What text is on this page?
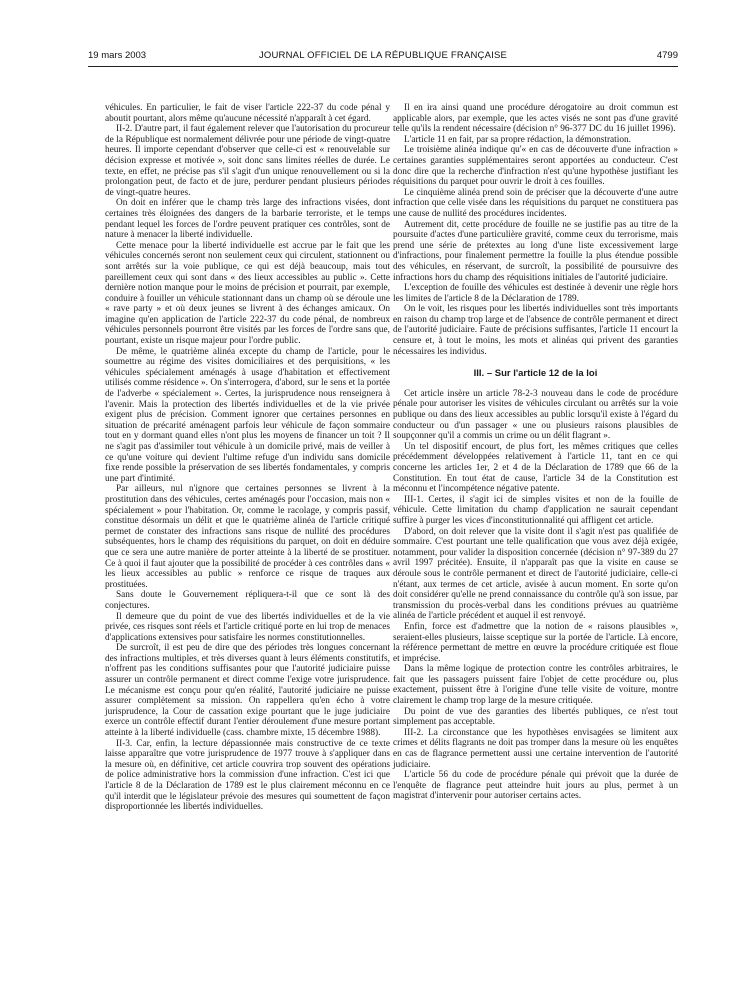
19 mars 2003	JOURNAL OFFICIEL DE LA RÉPUBLIQUE FRANÇAISE	4799

véhicules. En particulier, le fait de viser l'article 222-37 du code pénal y aboutit pourtant, alors même qu'aucune nécessité n'apparaît à cet égard.

II-2. D'autre part, il faut également relever que l'autorisation du procureur de la République est normalement délivrée pour une période de vingt-quatre heures. Il importe cependant d'observer que celle-ci est « renouvelable sur décision expresse et motivée », soit donc sans limites réelles de durée. Le texte, en effet, ne précise pas s'il s'agit d'un unique renouvellement ou si la prolongation peut, de facto et de jure, perdurer pendant plusieurs périodes de vingt-quatre heures.

On doit en inférer que le champ très large des infractions visées, dont certaines très éloignées des dangers de la barbarie terroriste, et le temps pendant lequel les forces de l'ordre peuvent pratiquer ces contrôles, sont de nature à menacer la liberté individuelle.

Cette menace pour la liberté individuelle est accrue par le fait que les véhicules concernés seront non seulement ceux qui circulent, stationnent ou sont arrêtés sur la voie publique, ce qui est déjà beaucoup, mais tout pareillement ceux qui sont dans « des lieux accessibles au public ». Cette dernière notion manque pour le moins de précision et pourrait, par exemple, conduire à fouiller un véhicule stationnant dans un champ où se déroule une « rave party » et où deux jeunes se livrent à des échanges amicaux. On imagine qu'en application de l'article 222-37 du code pénal, de nombreux véhicules personnels pourront être visités par les forces de l'ordre sans que, pourtant, existe un risque majeur pour l'ordre public.

De même, le quatrième alinéa excepte du champ de l'article, pour le soumettre au régime des visites domiciliaires et des perquisitions, « les véhicules spécialement aménagés à usage d'habitation et effectivement utilisés comme résidence ». On s'interrogera, d'abord, sur le sens et la portée de l'adverbe « spécialement ». Certes, la jurisprudence nous renseignera à l'avenir. Mais la protection des libertés individuelles et de la vie privée exigent plus de précision. Comment ignorer que certaines personnes en situation de précarité aménagent parfois leur véhicule de façon sommaire tout en y dormant quand elles n'ont plus les moyens de financer un toit ? Il ne s'agit pas d'assimiler tout véhicule à un domicile privé, mais de veiller à ce qu'une voiture qui devient l'ultime refuge d'un individu sans domicile fixe rende possible la préservation de ses libertés fondamentales, y compris une part d'intimité.

Par ailleurs, nul n'ignore que certaines personnes se livrent à la prostitution dans des véhicules, certes aménagés pour l'occasion, mais non « spécialement » pour l'habitation. Or, comme le racolage, y compris passif, constitue désormais un délit et que le quatrième alinéa de l'article critiqué permet de constater des infractions sans risque de nullité des procédures subséquentes, hors le champ des réquisitions du parquet, on doit en déduire que ce sera une autre manière de porter atteinte à la liberté de se prostituer. Ce à quoi il faut ajouter que la possibilité de procéder à ces contrôles dans « les lieux accessibles au public » renforce ce risque de traques aux prostituées.

Sans doute le Gouvernement répliquera-t-il que ce sont là des conjectures.

Il demeure que du point de vue des libertés individuelles et de la vie privée, ces risques sont réels et l'article critiqué porte en lui trop de menaces d'applications extensives pour satisfaire les normes constitutionnelles.

De surcroît, il est peu de dire que des périodes très longues concernant des infractions multiples, et très diverses quant à leurs éléments constitutifs, n'offrent pas les conditions suffisantes pour que l'autorité judiciaire puisse assurer un contrôle permanent et direct comme l'exige votre jurisprudence. Le mécanisme est conçu pour qu'en réalité, l'autorité judiciaire ne puisse assurer complètement sa mission. On rappellera qu'en écho à votre jurisprudence, la Cour de cassation exige pourtant que le juge judiciaire exerce un contrôle effectif durant l'entier déroulement d'une mesure portant atteinte à la liberté individuelle (cass. chambre mixte, 15 décembre 1988).

II-3. Car, enfin, la lecture dépassionnée mais constructive de ce texte laisse apparaître que votre jurisprudence de 1977 trouve à s'appliquer dans la mesure où, en définitive, cet article couvrira trop souvent des opérations de police administrative hors la commission d'une infraction. C'est ici que l'article 8 de la Déclaration de 1789 est le plus clairement méconnu en ce qu'il interdit que le législateur prévoie des mesures qui soumettent de façon disproportionnée les libertés individuelles.

Il en ira ainsi quand une procédure dérogatoire au droit commun est applicable alors, par exemple, que les actes visés ne sont pas d'une gravité telle qu'ils la rendent nécessaire (décision n° 96-377 DC du 16 juillet 1996).

L'article 11 en fait, par sa propre rédaction, la démonstration.

Le troisième alinéa indique qu'« en cas de découverte d'une infraction » certaines garanties supplémentaires seront apportées au conducteur. C'est donc dire que la recherche d'infraction n'est qu'une hypothèse justifiant les réquisitions du parquet pour ouvrir le droit à ces fouilles.

Le cinquième alinéa prend soin de préciser que la découverte d'une autre infraction que celle visée dans les réquisitions du parquet ne constituera pas une cause de nullité des procédures incidentes.

Autrement dit, cette procédure de fouille ne se justifie pas au titre de la poursuite d'actes d'une particulière gravité, comme ceux du terrorisme, mais prend une série de prétextes au long d'une liste excessivement large d'infractions, pour finalement permettre la fouille la plus étendue possible des véhicules, en réservant, de surcroît, la possibilité de poursuivre des infractions hors du champ des réquisitions initiales de l'autorité judiciaire.

L'exception de fouille des véhicules est destinée à devenir une règle hors les limites de l'article 8 de la Déclaration de 1789.

On le voit, les risques pour les libertés individuelles sont très importants en raison du champ trop large et de l'absence de contrôle permanent et direct de l'autorité judiciaire. Faute de précisions suffisantes, l'article 11 encourt la censure et, à tout le moins, les mots et alinéas qui privent des garanties nécessaires les individus.

III. – Sur l'article 12 de la loi

Cet article insère un article 78-2-3 nouveau dans le code de procédure pénale pour autoriser les visites de véhicules circulant ou arrêtés sur la voie publique ou dans des lieux accessibles au public lorsqu'il existe à l'égard du conducteur ou d'un passager « une ou plusieurs raisons plausibles de soupçonner qu'il a commis un crime ou un délit flagrant ».

Un tel dispositif encourt, de plus fort, les mêmes critiques que celles précédemment développées relativement à l'article 11, tant en ce qui concerne les articles 1er, 2 et 4 de la Déclaration de 1789 que 66 de la Constitution. En tout état de cause, l'article 34 de la Constitution est méconnu et l'incompétence négative patente.

III-1. Certes, il s'agit ici de simples visites et non de la fouille de véhicule. Cette limitation du champ d'application ne saurait cependant suffire à purger les vices d'inconstitutionnalité qui affligent cet article.

D'abord, on doit relever que la visite dont il s'agit n'est pas qualifiée de sommaire. C'est pourtant une telle qualification que vous avez déjà exigée, notamment, pour valider la disposition concernée (décision n° 97-389 du 27 avril 1997 précitée). Ensuite, il n'apparaît pas que la visite en cause se déroule sous le contrôle permanent et direct de l'autorité judiciaire, celle-ci n'étant, aux termes de cet article, avisée à aucun moment. En sorte qu'on doit considérer qu'elle ne prend connaissance du contrôle qu'à son issue, par transmission du procès-verbal dans les conditions prévues au quatrième alinéa de l'article précédent et auquel il est renvoyé.

Enfin, force est d'admettre que la notion de « raisons plausibles », seraient-elles plusieurs, laisse sceptique sur la portée de l'article. Là encore, la référence permettant de mettre en œuvre la procédure critiquée est floue et imprécise.

Dans la même logique de protection contre les contrôles arbitraires, le fait que les passagers puissent faire l'objet de cette procédure ou, plus exactement, puissent être à l'origine d'une telle visite de voiture, montre clairement le champ trop large de la mesure critiquée.

Du point de vue des garanties des libertés publiques, ce n'est tout simplement pas acceptable.

III-2. La circonstance que les hypothèses envisagées se limitent aux crimes et délits flagrants ne doit pas tromper dans la mesure où les enquêtes en cas de flagrance permettent aussi une certaine intervention de l'autorité judiciaire.

L'article 56 du code de procédure pénale qui prévoit que la durée de l'enquête de flagrance peut atteindre huit jours au plus, permet à un magistrat d'intervenir pour autoriser certains actes.
